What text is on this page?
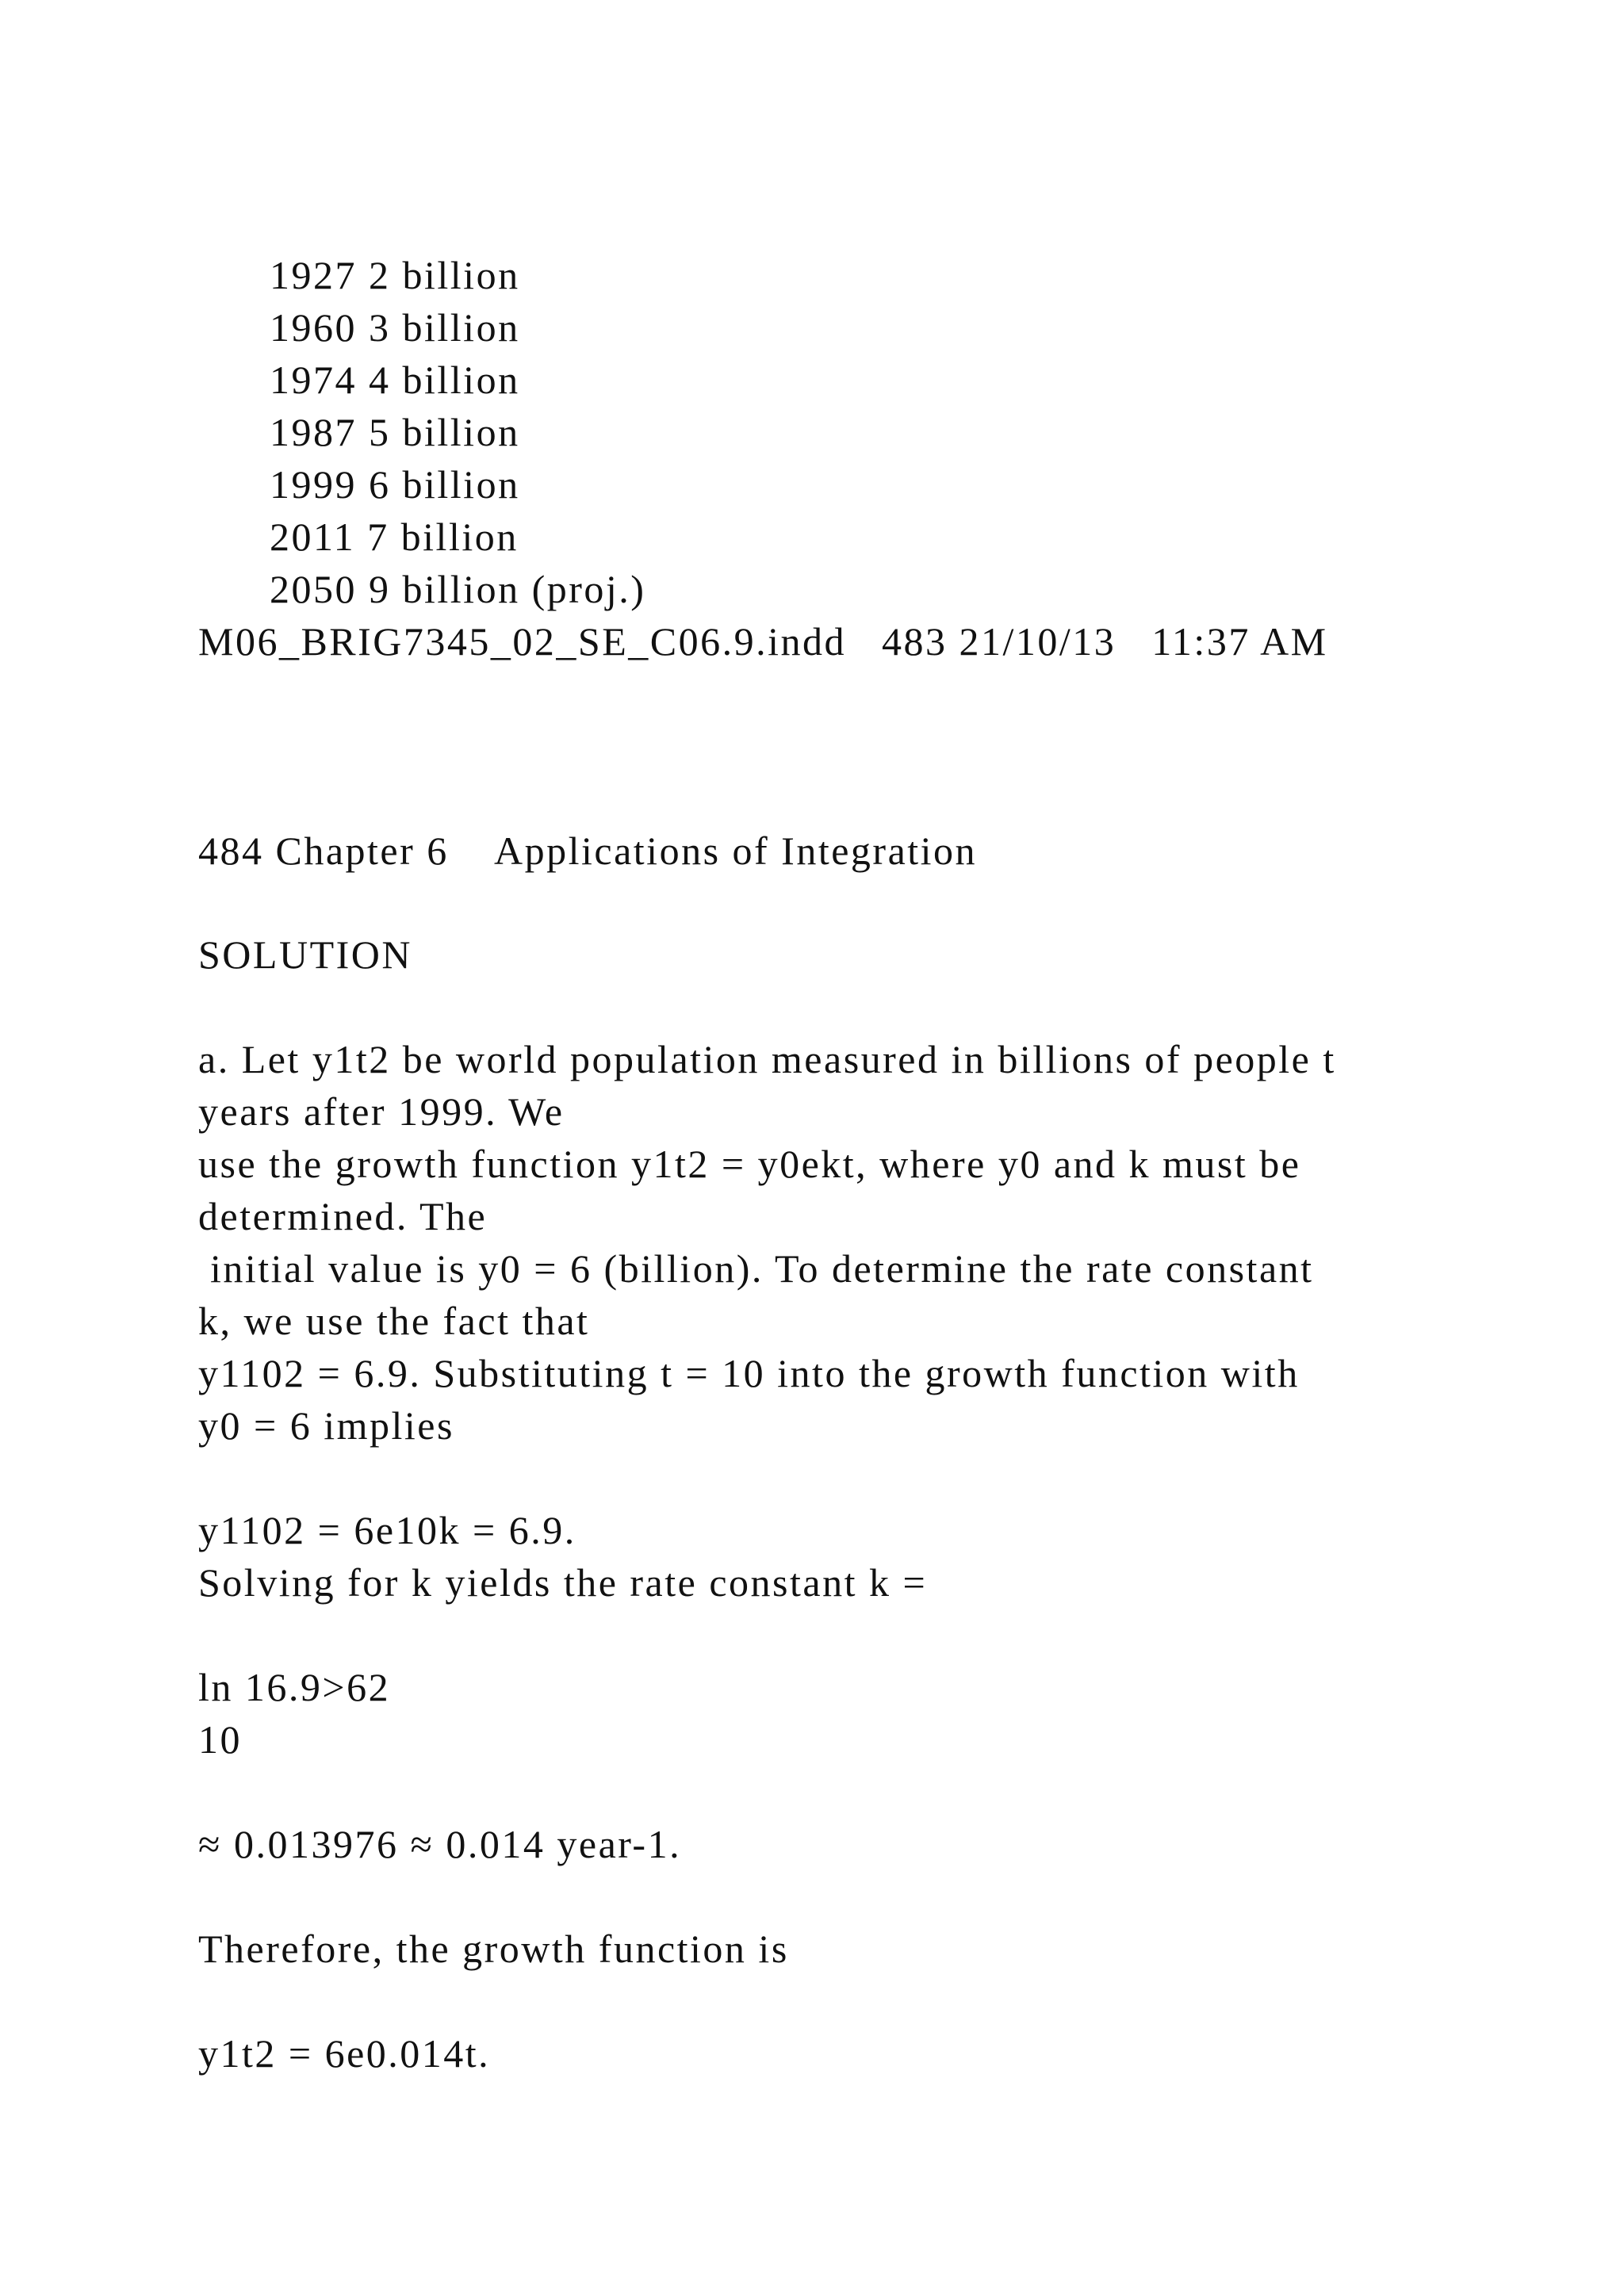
1927 2 billion

1960 3 billion

1974 4 billion

1987 5 billion

1999 6 billion

2011 7 billion

2050 9 billion (proj.)

M06_BRIG7345_02_SE_C06.9.indd   483 21/10/13   11:37 AM
484 Chapter 6    Applications of Integration
SOLUTION
a. Let y1t2 be world population measured in billions of people t
years after 1999. We
use the growth function y1t2 = y0ekt, where y0 and k must be
determined. The
initial value is y0 = 6 (billion). To determine the rate constant
k, we use the fact that
y1102 = 6.9. Substituting t = 10 into the growth function with
y0 = 6 implies
y1102 = 6e10k = 6.9.
Solving for k yields the rate constant k =
ln 16.9>62
10
≈ 0.013976 ≈ 0.014 year-1.
Therefore, the growth function is
y1t2 = 6e0.014t.
